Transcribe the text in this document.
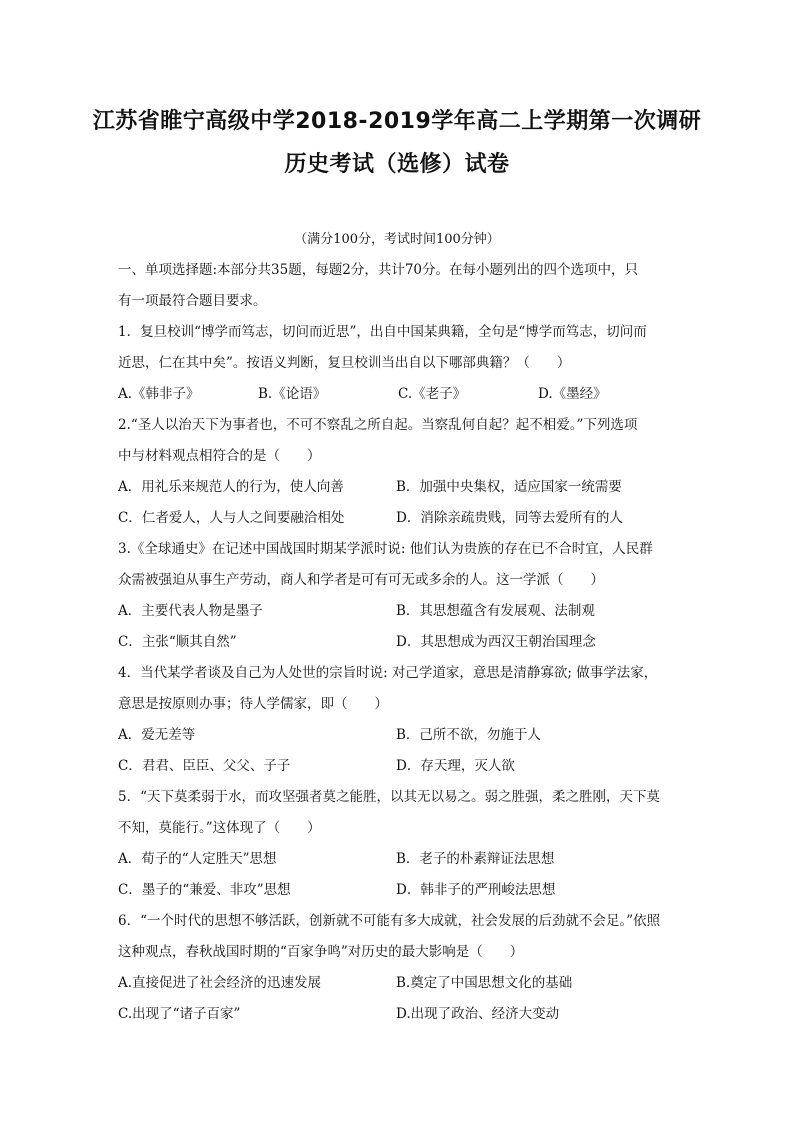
江苏省睢宁高级中学2018-2019学年高二上学期第一次调研
历史考试（选修）试卷
（满分100分，考试时间100分钟）
一、单项选择题:本部分共35题，每题2分，共计70分。在每小题列出的四个选项中，只
有一项最符合题目要求。
1．复旦校训“博学而笃志，切问而近思”，出自中国某典籍，全句是“博学而笃志，切问而
近思，仁在其中矣”。按语义判断，复旦校训当出自以下哪部典籍？（　　）
A.《韩非子》	B.《论语》	C.《老子》	D.《墨经》
2.“圣人以治天下为事者也，不可不察乱之所自起。当察乱何自起？起不相爱。”下列选项
中与材料观点相符合的是（　　）
A．用礼乐来规范人的行为，使人向善	B．加强中央集权，适应国家一统需要
C．仁者爱人，人与人之间要融洽相处	D．消除亲疏贵贱，同等去爱所有的人
3.《全球通史》在记述中国战国时期某学派时说: 他们认为贵族的存在已不合时宜，人民群
众需被强迫从事生产劳动，商人和学者是可有可无或多余的人。这一学派（　　）
A．主要代表人物是墨子	B．其思想蕴含有发展观、法制观
C．主张“顺其自然”	D．其思想成为西汉王朝治国理念
4．当代某学者谈及自己为人处世的宗旨时说: 对己学道家，意思是清静寡欲; 做事学法家，
意思是按原则办事；待人学儒家，即（　　）
A．爱无差等	B．己所不欲，勿施于人
C．君君、臣臣、父父、子子	D．存天理，灭人欲
5．“天下莫柔弱于水，而攻坚强者莫之能胜，以其无以易之。弱之胜强，柔之胜刚，天下莫
不知，莫能行。”这体现了（　　）
A．荀子的“人定胜天”思想	B．老子的朴素辩证法思想
C．墨子的“兼爱、非攻”思想	D．韩非子的严刑峻法思想
6．“一个时代的思想不够活跃，创新就不可能有多大成就，社会发展的后劲就不会足。”依照
这种观点，春秋战国时期的“百家争鸣”对历史的最大影响是（　　）
A.直接促进了社会经济的迅速发展	B.奠定了中国思想文化的基础
C.出现了“诸子百家”	D.出现了政治、经济大变动
